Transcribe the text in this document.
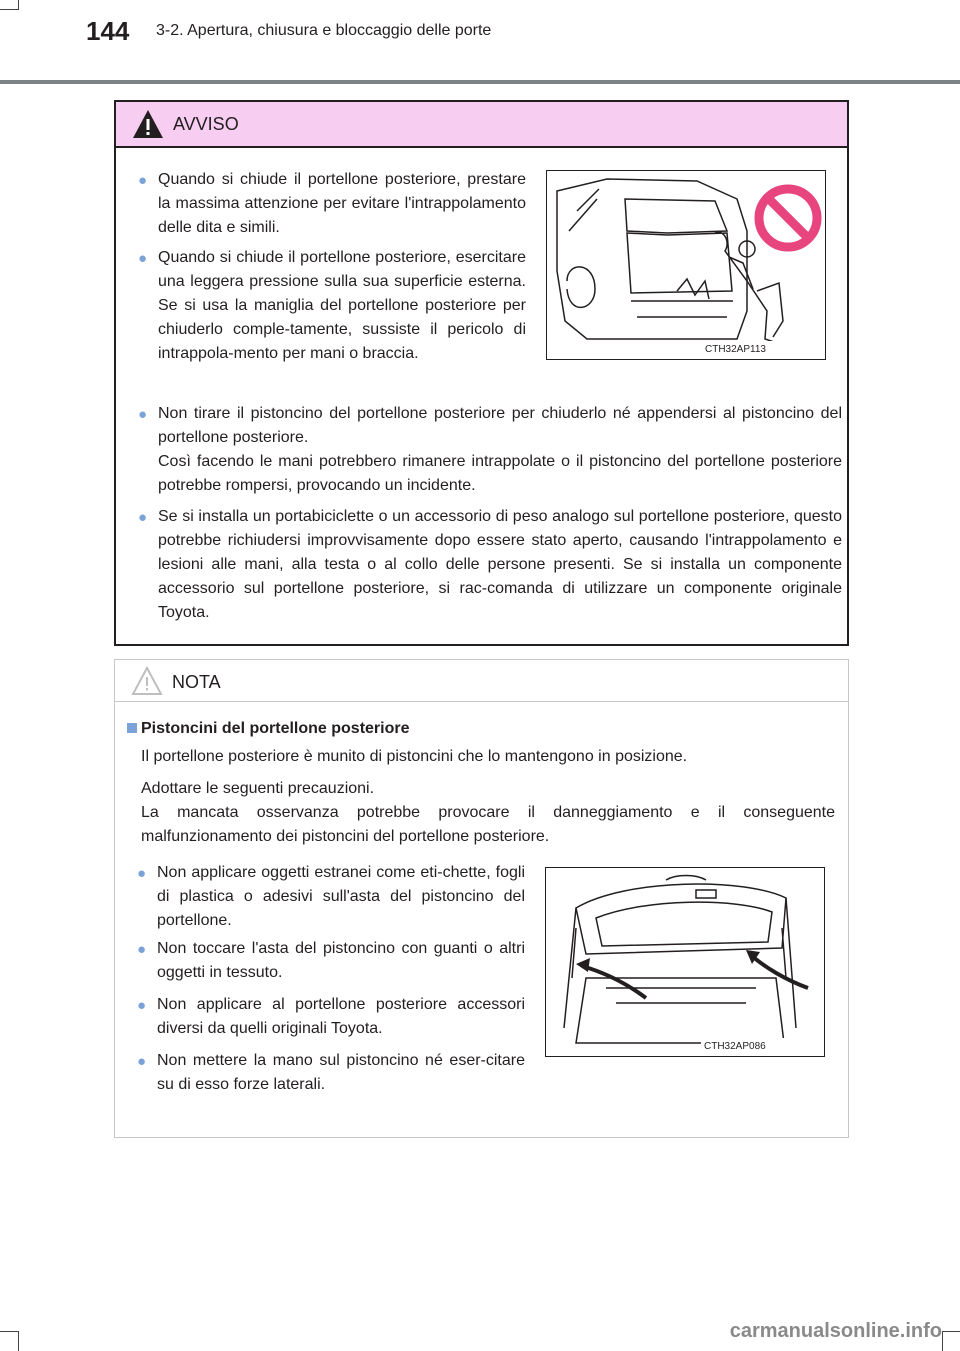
144 3-2. Apertura, chiusura e bloccaggio delle porte
AVVISO
● Quando si chiude il portellone posteriore, prestare la massima attenzione per evitare l'intrappolamento delle dita e simili.
● Quando si chiude il portellone posteriore, esercitare una leggera pressione sulla sua superficie esterna. Se si usa la maniglia del portellone posteriore per chiuderlo comple-tamente, sussiste il pericolo di intrappola-mento per mani o braccia.	CTH32AP113
● Non tirare il pistoncino del portellone posteriore per chiuderlo né appendersi al pistoncino del portellone posteriore.
Così facendo le mani potrebbero rimanere intrappolate o il pistoncino del portellone posteriore potrebbe rompersi, provocando un incidente.
● Se si installa un portabiciclette o un accessorio di peso analogo sul portellone posteriore, questo potrebbe richiudersi improvvisamente dopo essere stato aperto, causando l'intrappolamento e lesioni alle mani, alla testa o al collo delle persone presenti. Se si installa un componente accessorio sul portellone posteriore, si rac-comanda di utilizzare un componente originale Toyota.
NOTA
Pistoncini del portellone posteriore
Il portellone posteriore è munito di pistoncini che lo mantengono in posizione.
Adottare le seguenti precauzioni.
La mancata osservanza potrebbe provocare il danneggiamento e il conseguente malfunzionamento dei pistoncini del portellone posteriore.
● Non applicare oggetti estranei come eti-chette, fogli di plastica o adesivi sull'asta del pistoncino del portellone.
● Non toccare l'asta del pistoncino con guanti o altri oggetti in tessuto.
● Non applicare al portellone posteriore accessori diversi da quelli originali Toyota.
● Non mettere la mano sul pistoncino né eser-citare su di esso forze laterali.
CTH32AP086
carmanualsonline.info
